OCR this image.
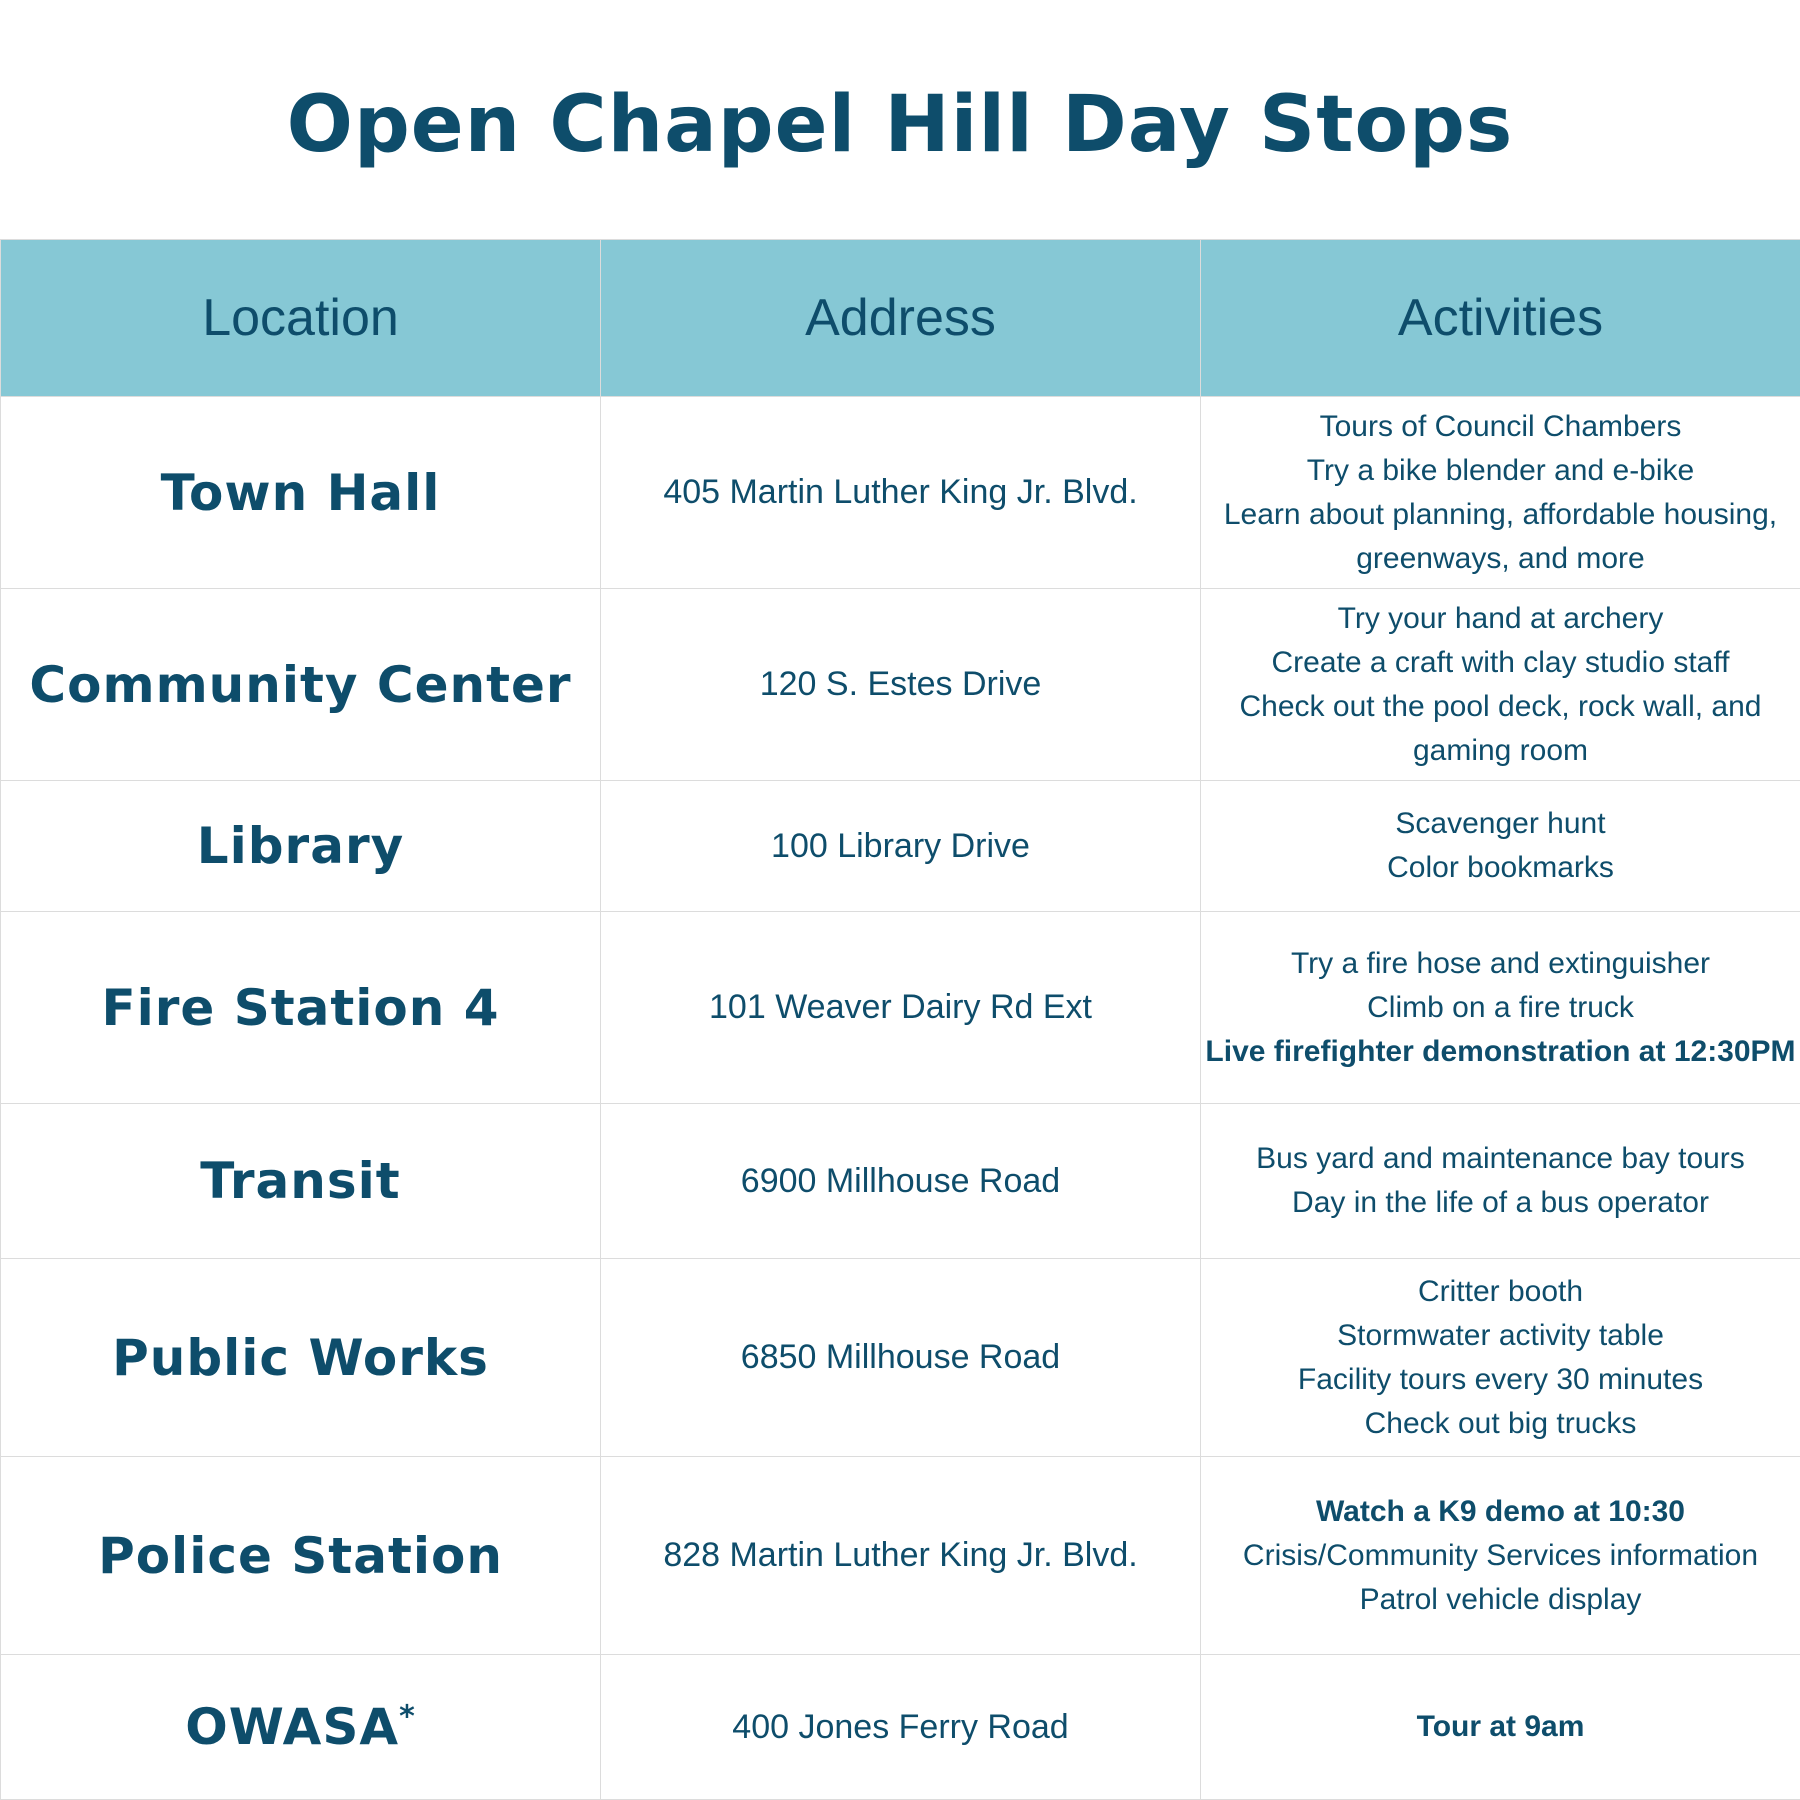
Open Chapel Hill Day Stops
Location	Address	Activities
Town Hall	405 Martin Luther King Jr. Blvd.	Tours of Council Chambers
Try a bike blender and e-bike
Learn about planning, affordable housing, greenways, and more

Community Center	120 S. Estes Drive	Try your hand at archery
Create a craft with clay studio staff
Check out the pool deck, rock wall, and gaming room

Library	100 Library Drive	Scavenger hunt
Color bookmarks

Fire Station 4	101 Weaver Dairy Rd Ext	Try a fire hose and extinguisher
Climb on a fire truck
Live firefighter demonstration at 12:30PM

Transit	6900 Millhouse Road	Bus yard and maintenance bay tours
Day in the life of a bus operator

Public Works	6850 Millhouse Road	Critter booth
Stormwater activity table
Facility tours every 30 minutes
Check out big trucks

Police Station	828 Martin Luther King Jr. Blvd.	Watch a K9 demo at 10:30
Crisis/Community Services information
Patrol vehicle display

OWASA*	400 Jones Ferry Road	Tour at 9am
